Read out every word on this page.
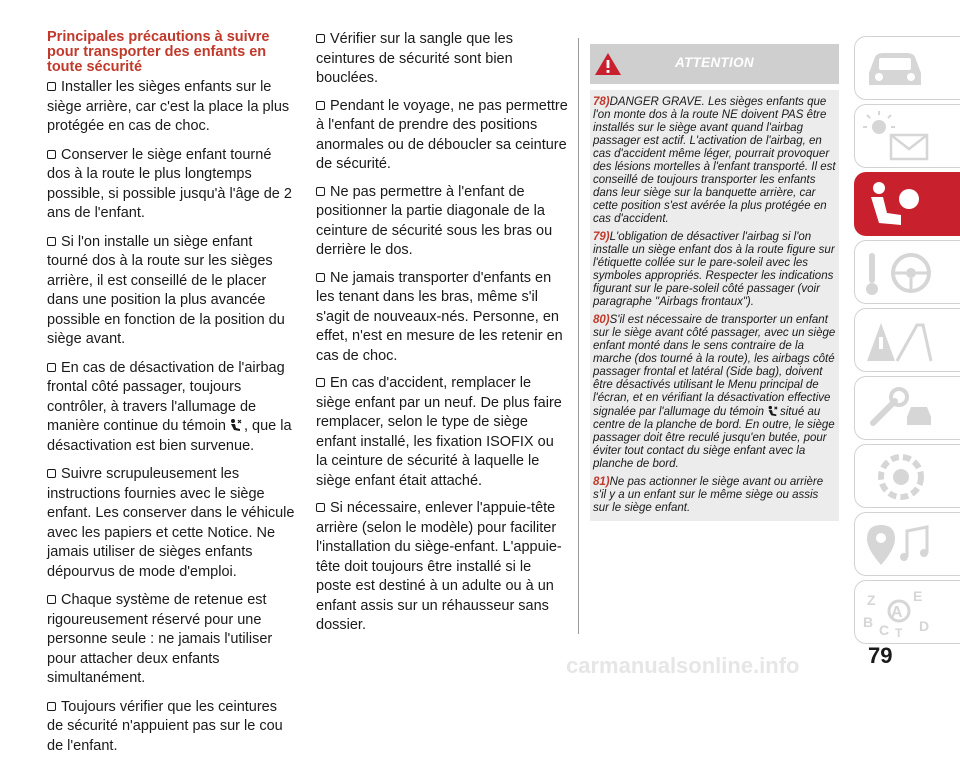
Principales précautions à suivre pour transporter des enfants en toute sécurité

Installer les sièges enfants sur le siège arrière, car c'est la place la plus protégée en cas de choc.

Conserver le siège enfant tourné dos à la route le plus longtemps possible, si possible jusqu'à l'âge de 2 ans de l'enfant.

Si l'on installe un siège enfant tourné dos à la route sur les sièges arrière, il est conseillé de le placer dans une position la plus avancée possible en fonction de la position du siège avant.

En cas de désactivation de l'airbag frontal côté passager, toujours contrôler, à travers l'allumage de manière continue du témoin , que la désactivation est bien survenue.

Suivre scrupuleusement les instructions fournies avec le siège enfant. Les conserver dans le véhicule avec les papiers et cette Notice. Ne jamais utiliser de sièges enfants dépourvus de mode d'emploi.

Chaque système de retenue est rigoureusement réservé pour une personne seule : ne jamais l'utiliser pour attacher deux enfants simultanément.

Toujours vérifier que les ceintures de sécurité n'appuient pas sur le cou de l'enfant.

Vérifier sur la sangle que les ceintures de sécurité sont bien bouclées.

Pendant le voyage, ne pas permettre à l'enfant de prendre des positions anormales ou de déboucler sa ceinture de sécurité.

Ne pas permettre à l'enfant de positionner la partie diagonale de la ceinture de sécurité sous les bras ou derrière le dos.

Ne jamais transporter d'enfants en les tenant dans les bras, même s'il s'agit de nouveaux-nés. Personne, en effet, n'est en mesure de les retenir en cas de choc.

En cas d'accident, remplacer le siège enfant par un neuf. De plus faire remplacer, selon le type de siège enfant installé, les fixation ISOFIX ou la ceinture de sécurité à laquelle le siège enfant était attaché.

Si nécessaire, enlever l'appuie-tête arrière (selon le modèle) pour faciliter l'installation du siège-enfant. L'appuie-tête doit toujours être installé si le poste est destiné à un adulte ou à un enfant assis sur un réhausseur sans dossier.

ATTENTION

78)DANGER GRAVE. Les sièges enfants que l'on monte dos à la route NE doivent PAS être installés sur le siège avant quand l'airbag passager est actif. L'activation de l'airbag, en cas d'accident même léger, pourrait provoquer des lésions mortelles à l'enfant transporté. Il est conseillé de toujours transporter les enfants dans leur siège sur la banquette arrière, car cette position s'est avérée la plus protégée en cas d'accident.

79)L'obligation de désactiver l'airbag si l'on installe un siège enfant dos à la route figure sur l'étiquette collée sur le pare-soleil avec les symboles appropriés. Respecter les indications figurant sur le pare-soleil côté passager (voir paragraphe "Airbags frontaux").

80)S'il est nécessaire de transporter un enfant sur le siège avant côté passager, avec un siège enfant monté dans le sens contraire de la marche (dos tourné à la route), les airbags côté passager frontal et latéral (Side bag), doivent être désactivés utilisant le Menu principal de l'écran, et en vérifiant la désactivation effective signalée par l'allumage du témoin situé au centre de la planche de bord. En outre, le siège passager doit être reculé jusqu'en butée, pour éviter tout contact du siège enfant avec la planche de bord.

81)Ne pas actionner le siège avant ou arrière s'il y a un enfant sur le même siège ou assis sur le siège enfant.

Z	E
B C T D
A
79
carmanualsonline.info
